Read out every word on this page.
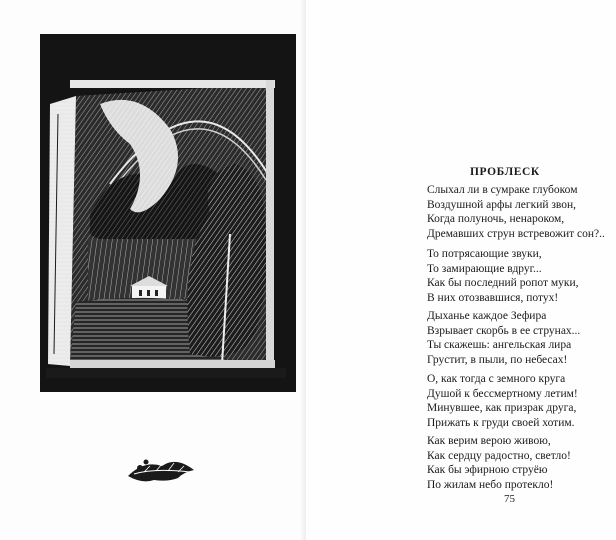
ПРОБЛЕСК

Слыхал ли в сумраке глубоком
Воздушной арфы легкий звон,
Когда полуночь, ненароком,
Дремавших струн встревожит сон?..

То потрясающие звуки,
То замирающие вдруг...
Как бы последний ропот муки,
В них отозвавшися, потух!

Дыханье каждое Зефира
Взрывает скорбь в ее струнах...
Ты скажешь: ангельская лира
Грустит, в пыли, по небесах!

О, как тогда с земного круга
Душой к бессмертному летим!
Минувшее, как призрак друга,
Прижать к груди своей хотим.

Как верим верою живою,
Как сердцу радостно, светло!
Как бы эфирною струёю
По жилам небо протекло!

75
